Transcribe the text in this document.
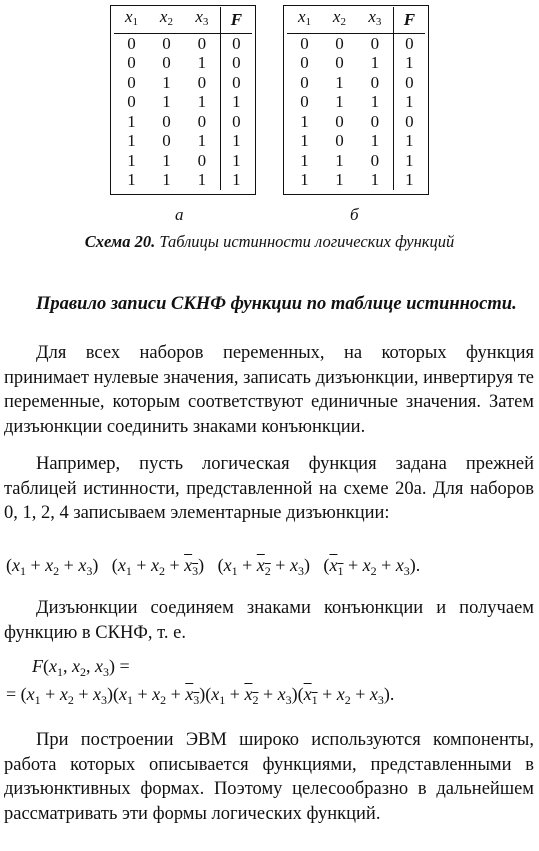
$x_1$	$x_2$	$x_3$	F
0	0	0	0
0	0	1	0
0	1	0	0
0	1	1	1
1	0	0	0
1	0	1	1
1	1	0	1
1	1	1	1
$x_1$	$x_2$	$x_3$	F
0	0	0	0
0	0	1	1
0	1	0	0
0	1	1	1
1	0	0	0
1	0	1	1
1	1	0	1
1	1	1	1
а	б
Схема 20. Таблицы истинности логических функций
Правило записи СКНФ функции по таблице истинности.
Для всех наборов переменных, на которых функция принимает нулевые значения, записать дизъюнкции, инвертируя те переменные, которым соответствуют единичные значения. Затем дизъюнкции соединить знаками конъюнкции.
Например, пусть логическая функция задана прежней таблицей истинности, представленной на схеме 20а. Для наборов 0, 1, 2, 4 записываем элементарные дизъюнкции:
$(x_1 + x_2 + x_3) (x_1 + x_2 + x_3) (x_1 + x_2 + x_3) (x_1 + x_2 + x_3)$.
Дизъюнкции соединяем знаками конъюнкции и получаем функцию в СКНФ, т. е.
$F(x_1$, $x_2$, $x_3$) =
= $(x_1 + x_2 + x_3)(x_1 + x_2 + x_3)(x_1 + x_2 + x_3)(x_1 + x_2 + x_3)$.
При построении ЭВМ широко используются компоненты, работа которых описывается функциями, представленными в дизъюнктивных формах. Поэтому целесообразно в дальнейшем рассматривать эти формы логических функций.
